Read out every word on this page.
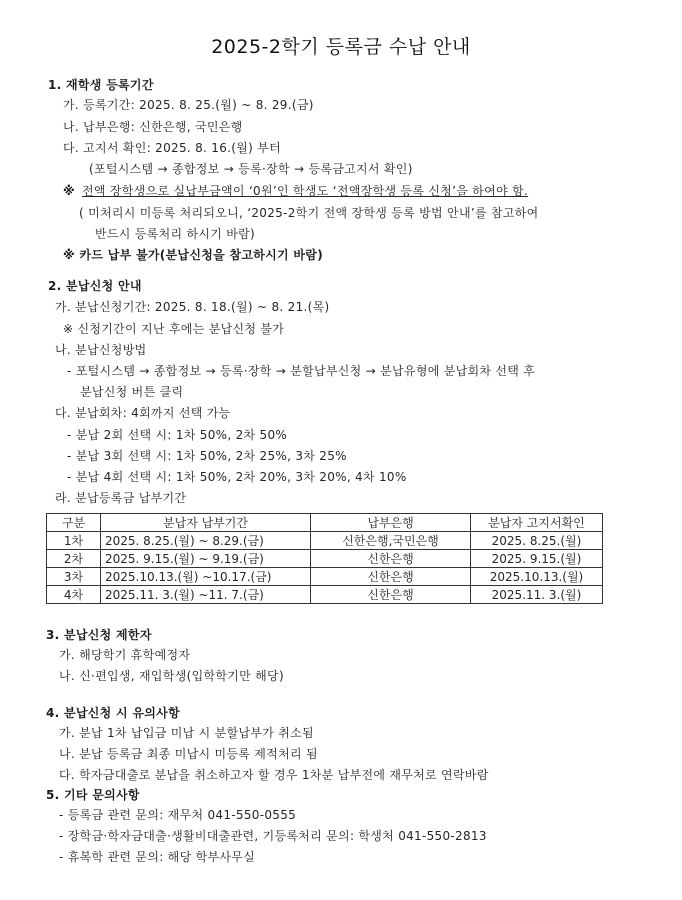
2025-2학기 등록금 수납 안내
1. 재학생 등록기간
가. 등록기간: 2025. 8. 25.(월) ~ 8. 29.(금)
나. 납부은행: 신한은행, 국민은행
다. 고지서 확인: 2025. 8. 16.(월) 부터
(포털시스템 → 종합정보 → 등록·장학 → 등록금고지서 확인)
※ 전액 장학생으로 실납부금액이 ‘0원’인 학생도 ‘전액장학생 등록 신청’을 하여야 함.
( 미처리시 미등록 처리되오니, ‘2025-2학기 전액 장학생 등록 방법 안내’를 참고하여
반드시 등록처리 하시기 바람)
※ 카드 납부 불가(분납신청을 참고하시기 바람)
2. 분납신청 안내
가. 분납신청기간: 2025. 8. 18.(월) ~ 8. 21.(목)
※ 신청기간이 지난 후에는 분납신청 불가
나. 분납신청방법
- 포털시스템 → 종합정보 → 등록·장학 → 분할납부신청 → 분납유형에 분납회차 선택 후
분납신청 버튼 클릭
다. 분납회차: 4회까지 선택 가능
- 분납 2회 선택 시: 1차 50%, 2차 50%
- 분납 3회 선택 시: 1차 50%, 2차 25%, 3차 25%
- 분납 4회 선택 시: 1차 50%, 2차 20%, 3차 20%, 4차 10%
라. 분납등록금 납부기간
구분	분납자 납부기간	납부은행	분납자 고지서확인
1차	2025. 8.25.(월) ~ 8.29.(금)	신한은행,국민은행	2025. 8.25.(월)
2차	2025. 9.15.(월) ~ 9.19.(금)	신한은행	2025. 9.15.(월)
3차	2025.10.13.(월) ~10.17.(금)	신한은행	2025.10.13.(월)
4차	2025.11. 3.(월) ~11. 7.(금)	신한은행	2025.11. 3.(월)
3. 분납신청 제한자
가. 해당학기 휴학예정자
나. 신·편입생, 재입학생(입학학기만 해당)
4. 분납신청 시 유의사항
가. 분납 1차 납입금 미납 시 분할납부가 취소됨
나. 분납 등록금 최종 미납시 미등록 제적처리 됨
다. 학자금대출로 분납을 취소하고자 할 경우 1차분 납부전에 재무처로 연락바람
5. 기타 문의사항
- 등록금 관련 문의: 재무처 041-550-0555
- 장학금·학자금대출·생활비대출관련, 기등록처리 문의: 학생처 041-550-2813
- 휴복학 관련 문의: 해당 학부사무실
